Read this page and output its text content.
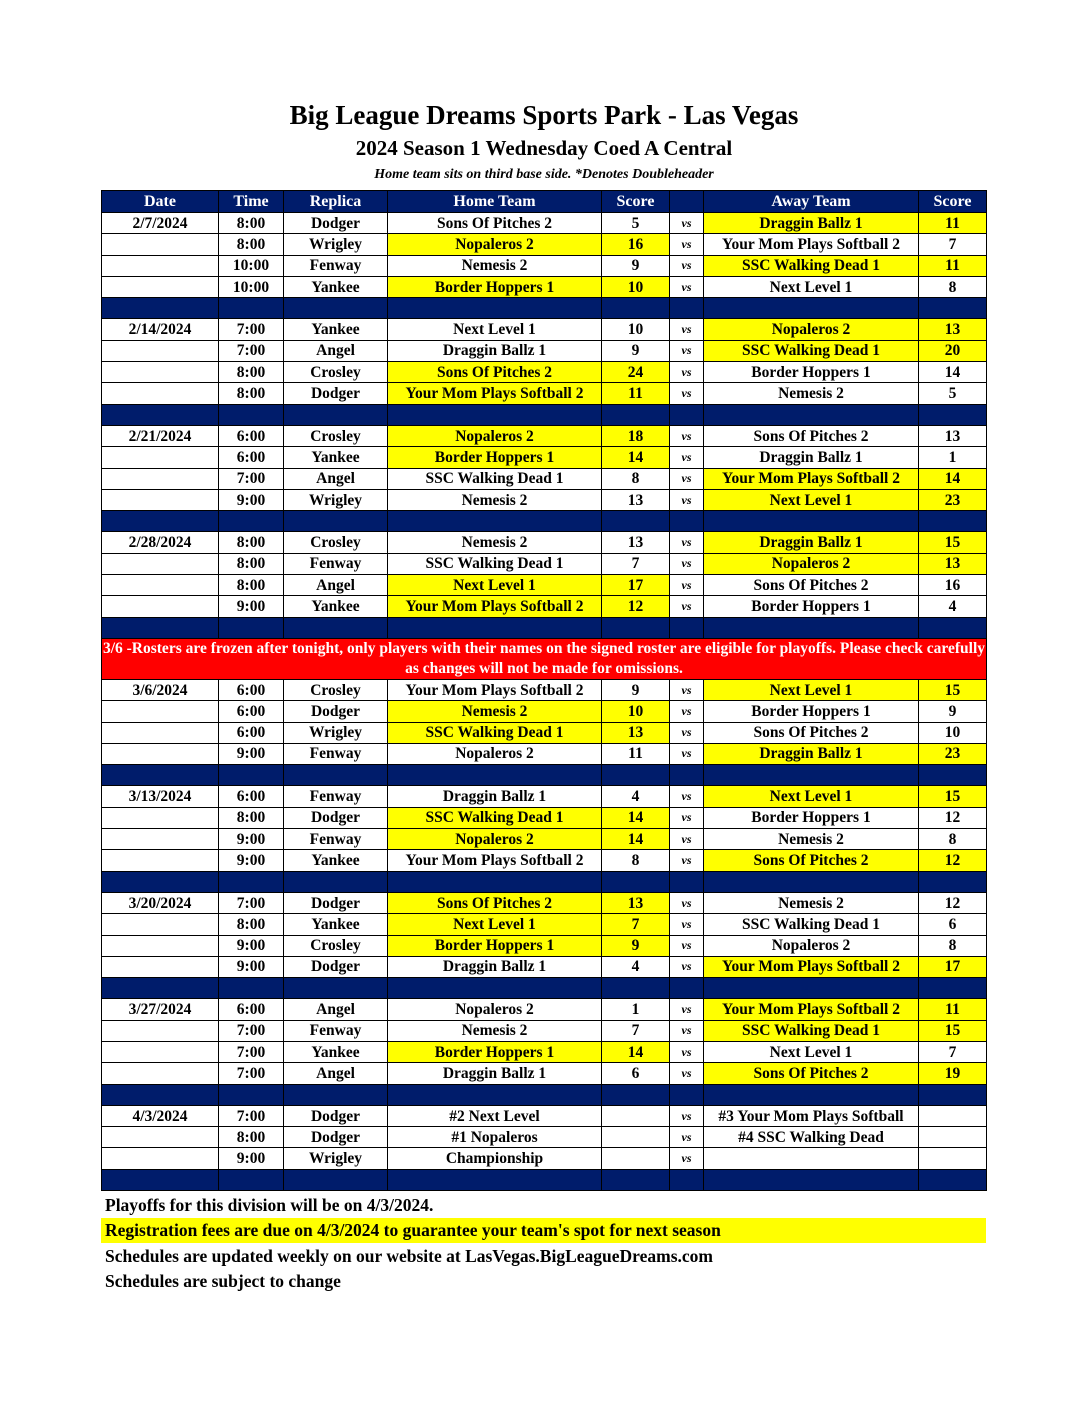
Big League Dreams Sports Park - Las Vegas
2024 Season 1 Wednesday Coed A Central
Home team sits on third base side. *Denotes Doubleheader
Date	Time	Replica	Home Team	Score		Away Team	Score
2/7/2024	8:00	Dodger	Sons Of Pitches 2	5	vs	Draggin Ballz 1	11
	8:00	Wrigley	Nopaleros 2	16	vs	Your Mom Plays Softball 2	7
	10:00	Fenway	Nemesis 2	9	vs	SSC Walking Dead 1	11
	10:00	Yankee	Border Hoppers 1	10	vs	Next Level 1	8

2/14/2024	7:00	Yankee	Next Level 1	10	vs	Nopaleros 2	13
	7:00	Angel	Draggin Ballz 1	9	vs	SSC Walking Dead 1	20
	8:00	Crosley	Sons Of Pitches 2	24	vs	Border Hoppers 1	14
	8:00	Dodger	Your Mom Plays Softball 2	11	vs	Nemesis 2	5

2/21/2024	6:00	Crosley	Nopaleros 2	18	vs	Sons Of Pitches 2	13
	6:00	Yankee	Border Hoppers 1	14	vs	Draggin Ballz 1	1
	7:00	Angel	SSC Walking Dead 1	8	vs	Your Mom Plays Softball 2	14
	9:00	Wrigley	Nemesis 2	13	vs	Next Level 1	23

2/28/2024	8:00	Crosley	Nemesis 2	13	vs	Draggin Ballz 1	15
	8:00	Fenway	SSC Walking Dead 1	7	vs	Nopaleros 2	13
	8:00	Angel	Next Level 1	17	vs	Sons Of Pitches 2	16
	9:00	Yankee	Your Mom Plays Softball 2	12	vs	Border Hoppers 1	4

3/6 -Rosters are frozen after tonight, only players with their names on the signed roster are eligible for playoffs. Please check carefully as changes will not be made for omissions.							
3/6/2024	6:00	Crosley	Your Mom Plays Softball 2	9	vs	Next Level 1	15
	6:00	Dodger	Nemesis 2	10	vs	Border Hoppers 1	9
	6:00	Wrigley	SSC Walking Dead 1	13	vs	Sons Of Pitches 2	10
	9:00	Fenway	Nopaleros 2	11	vs	Draggin Ballz 1	23

3/13/2024	6:00	Fenway	Draggin Ballz 1	4	vs	Next Level 1	15
	8:00	Dodger	SSC Walking Dead 1	14	vs	Border Hoppers 1	12
	9:00	Fenway	Nopaleros 2	14	vs	Nemesis 2	8
	9:00	Yankee	Your Mom Plays Softball 2	8	vs	Sons Of Pitches 2	12

3/20/2024	7:00	Dodger	Sons Of Pitches 2	13	vs	Nemesis 2	12
	8:00	Yankee	Next Level 1	7	vs	SSC Walking Dead 1	6
	9:00	Crosley	Border Hoppers 1	9	vs	Nopaleros 2	8
	9:00	Dodger	Draggin Ballz 1	4	vs	Your Mom Plays Softball 2	17

3/27/2024	6:00	Angel	Nopaleros 2	1	vs	Your Mom Plays Softball 2	11
	7:00	Fenway	Nemesis 2	7	vs	SSC Walking Dead 1	15
	7:00	Yankee	Border Hoppers 1	14	vs	Next Level 1	7
	7:00	Angel	Draggin Ballz 1	6	vs	Sons Of Pitches 2	19

4/3/2024	7:00	Dodger	#2 Next Level		vs	#3 Your Mom Plays Softball	
	8:00	Dodger	#1 Nopaleros		vs	#4 SSC Walking Dead	
	9:00	Wrigley	Championship		vs		

Playoffs for this division will be on 4/3/2024.
Registration fees are due on 4/3/2024 to guarantee your team's spot for next season
Schedules are updated weekly on our website at LasVegas.BigLeagueDreams.com
Schedules are subject to change
